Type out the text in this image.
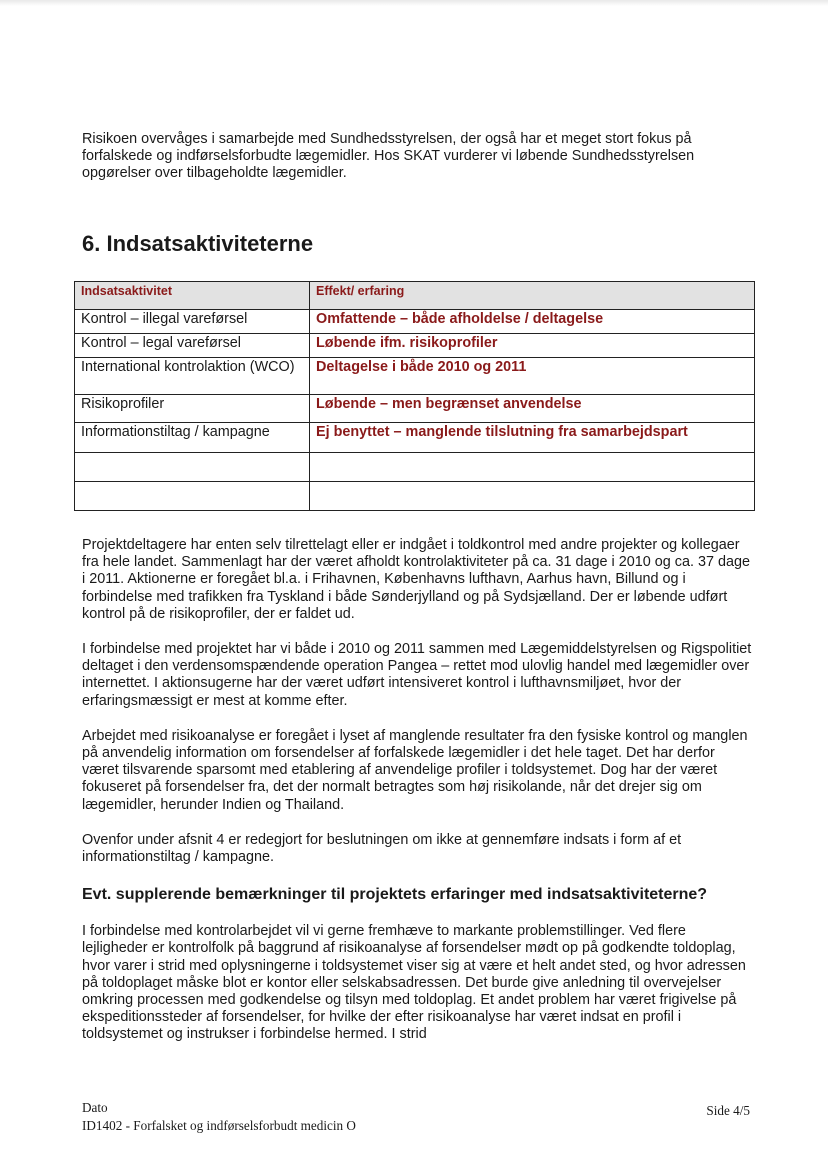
Risikoen overvåges i samarbejde med Sundhedsstyrelsen, der også har et meget stort fokus på forfalskede og indførselsforbudte lægemidler. Hos SKAT vurderer vi løbende Sundhedsstyrelsen opgørelser over tilbageholdte lægemidler.

6. Indsatsaktiviteterne
Indsatsaktivitet	Effekt/ erfaring
Kontrol – illegal vareførsel	Omfattende – både afholdelse / deltagelse
Kontrol – legal vareførsel	Løbende ifm. risikoprofiler
International kontrolaktion (WCO)	Deltagelse i både 2010 og 2011
Risikoprofiler	Løbende – men begrænset anvendelse
Informationstiltag / kampagne	Ej benyttet – manglende tilslutning fra samarbejdspart

Projektdeltagere har enten selv tilrettelagt eller er indgået i toldkontrol med andre projekter og kollegaer fra hele landet. Sammenlagt har der været afholdt kontrolaktiviteter på ca. 31 dage i 2010 og ca. 37 dage i 2011. Aktionerne er foregået bl.a. i Frihavnen, Københavns lufthavn, Aarhus havn, Billund og i forbindelse med trafikken fra Tyskland i både Sønderjylland og på Sydsjælland. Der er løbende udført kontrol på de risikoprofiler, der er faldet ud.

I forbindelse med projektet har vi både i 2010 og 2011 sammen med Lægemiddelstyrelsen og Rigspolitiet deltaget i den verdensomspændende operation Pangea – rettet mod ulovlig handel med lægemidler over internettet. I aktionsugerne har der været udført intensiveret kontrol i lufthavnsmiljøet, hvor der erfaringsmæssigt er mest at komme efter.

Arbejdet med risikoanalyse er foregået i lyset af manglende resultater fra den fysiske kontrol og manglen på anvendelig information om forsendelser af forfalskede lægemidler i det hele taget. Det har derfor været tilsvarende sparsomt med etablering af anvendelige profiler i toldsystemet. Dog har der været fokuseret på forsendelser fra, det der normalt betragtes som høj risikolande, når det drejer sig om lægemidler, herunder Indien og Thailand.

Ovenfor under afsnit 4 er redegjort for beslutningen om ikke at gennemføre indsats i form af et informationstiltag / kampagne.

Evt. supplerende bemærkninger til projektets erfaringer med indsatsaktiviteterne?

I forbindelse med kontrolarbejdet vil vi gerne fremhæve to markante problemstillinger. Ved flere lejligheder er kontrolfolk på baggrund af risikoanalyse af forsendelser mødt op på godkendte toldoplag, hvor varer i strid med oplysningerne i toldsystemet viser sig at være et helt andet sted, og hvor adressen på toldoplaget måske blot er kontor eller selskabsadressen. Det burde give anledning til overvejelser omkring processen med godkendelse og tilsyn med toldoplag. Et andet problem har været frigivelse på ekspeditionssteder af forsendelser, for hvilke der efter risikoanalyse har været indsat en profil i toldsystemet og instrukser i forbindelse hermed. I strid

Dato
ID1402 - Forfalsket og indførselsforbudt medicin O
Side 4/5
